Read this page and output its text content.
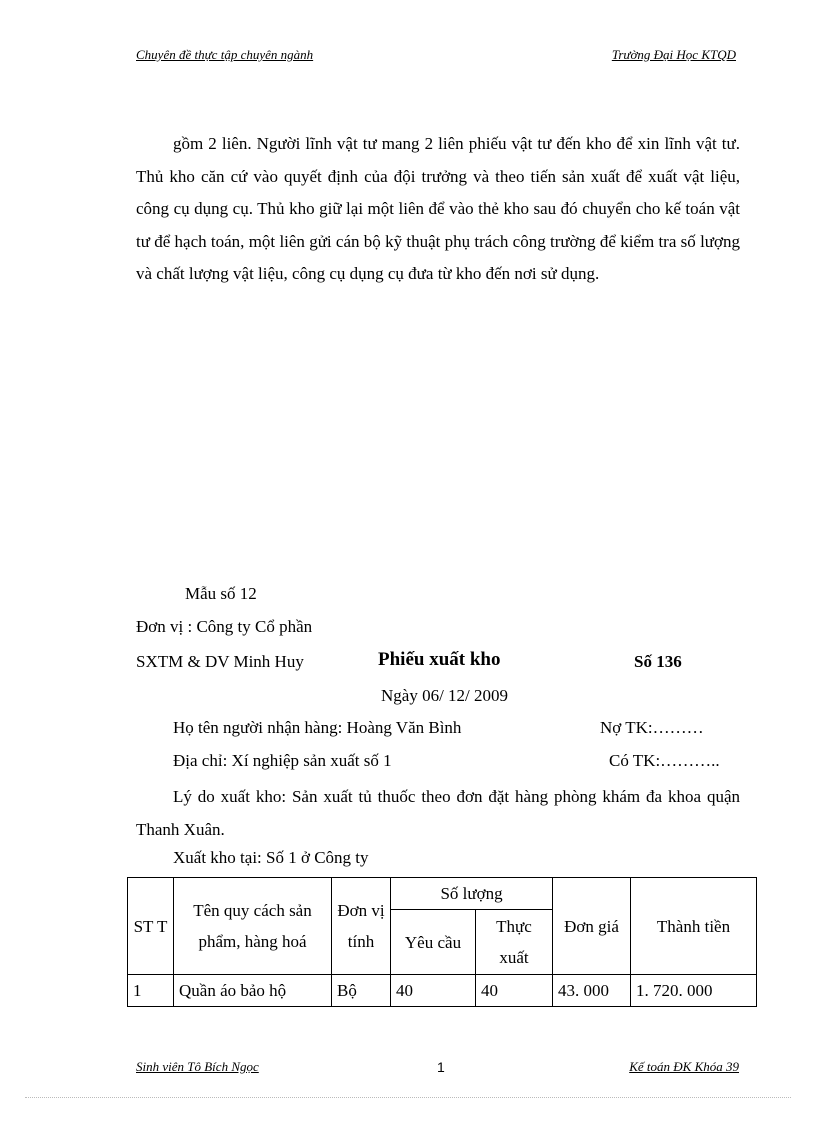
Chuyên đề thực tập chuyên ngành	Trường Đại Học KTQD

gồm 2 liên. Người lĩnh vật tư mang 2 liên phiếu vật tư đến kho để xin lĩnh vật tư. Thủ kho căn cứ vào quyết định của đội trưởng và theo tiến sản xuất để xuất vật liệu, công cụ dụng cụ. Thủ kho giữ lại một liên để vào thẻ kho sau đó chuyển cho kế toán vật tư để hạch toán, một liên gửi cán bộ kỹ thuật phụ trách công trường để kiểm tra số lượng và chất lượng vật liệu, công cụ dụng cụ đưa từ kho đến nơi sử dụng.

Mẫu số 12
Đơn vị : Công ty Cổ phần
SXTM & DV Minh Huy	Phiếu xuất kho	Số 136
Ngày 06/ 12/ 2009
Họ tên người nhận hàng: Hoàng Văn Bình	Nợ TK:………
Địa chỉ: Xí nghiệp sản xuất số 1	Có TK:………..
Lý do xuất kho: Sản xuất tủ thuốc theo đơn đặt hàng phòng khám đa khoa quận Thanh Xuân.
Xuất kho tại: Số 1 ở Công ty
ST T	Tên quy cách sản phẩm, hàng hoá	Đơn vị tính	Số lượng		Đơn giá	Thành tiền
			Yêu cầu	Thực xuất		
1	Quần áo bảo hộ	Bộ	40	40	43. 000	1. 720. 000
Sinh viên Tô Bích Ngọc	1	Kế toán ĐK Khóa 39
